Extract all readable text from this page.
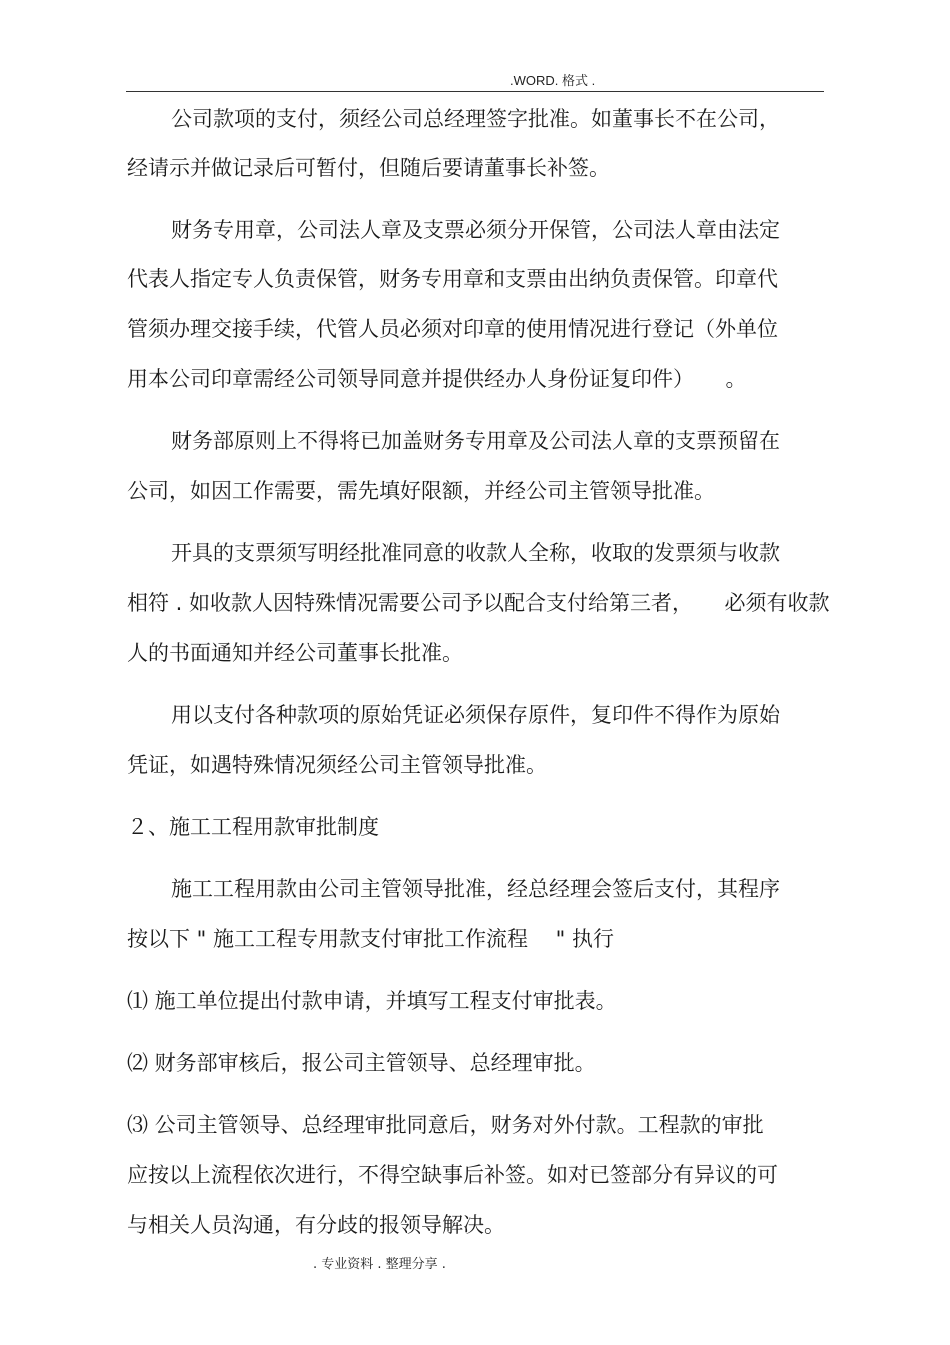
.WORD. 格式 .
公司款项的支付，须经公司总经理签字批准。如董事长不在公司，
经请示并做记录后可暂付，但随后要请董事长补签。
财务专用章，公司法人章及支票必须分开保管，公司法人章由法定
代表人指定专人负责保管，财务专用章和支票由出纳负责保管。印章代
管须办理交接手续，代管人员必须对印章的使用情况进行登记（外单位
用本公司印章需经公司领导同意并提供经办人身份证复印件）　　。
财务部原则上不得将已加盖财务专用章及公司法人章的支票预留在
公司，如因工作需要，需先填好限额，并经公司主管领导批准。
开具的支票须写明经批准同意的收款人全称，收取的发票须与收款
相符 . 如收款人因特殊情况需要公司予以配合支付给第三者，　　必须有收款
人的书面通知并经公司董事长批准。
用以支付各种款项的原始凭证必须保存原件，复印件不得作为原始
凭证，如遇特殊情况须经公司主管领导批准。
２、施工工程用款审批制度
施工工程用款由公司主管领导批准，经总经理会签后支付，其程序
按以下 " 施工工程专用款支付审批工作流程　 " 执行
⑴ 施工单位提出付款申请，并填写工程支付审批表。
⑵ 财务部审核后，报公司主管领导、总经理审批。
⑶ 公司主管领导、总经理审批同意后，财务对外付款。工程款的审批
应按以上流程依次进行，不得空缺事后补签。如对已签部分有异议的可
与相关人员沟通，有分歧的报领导解决。
. 专业资料 . 整理分享 .
